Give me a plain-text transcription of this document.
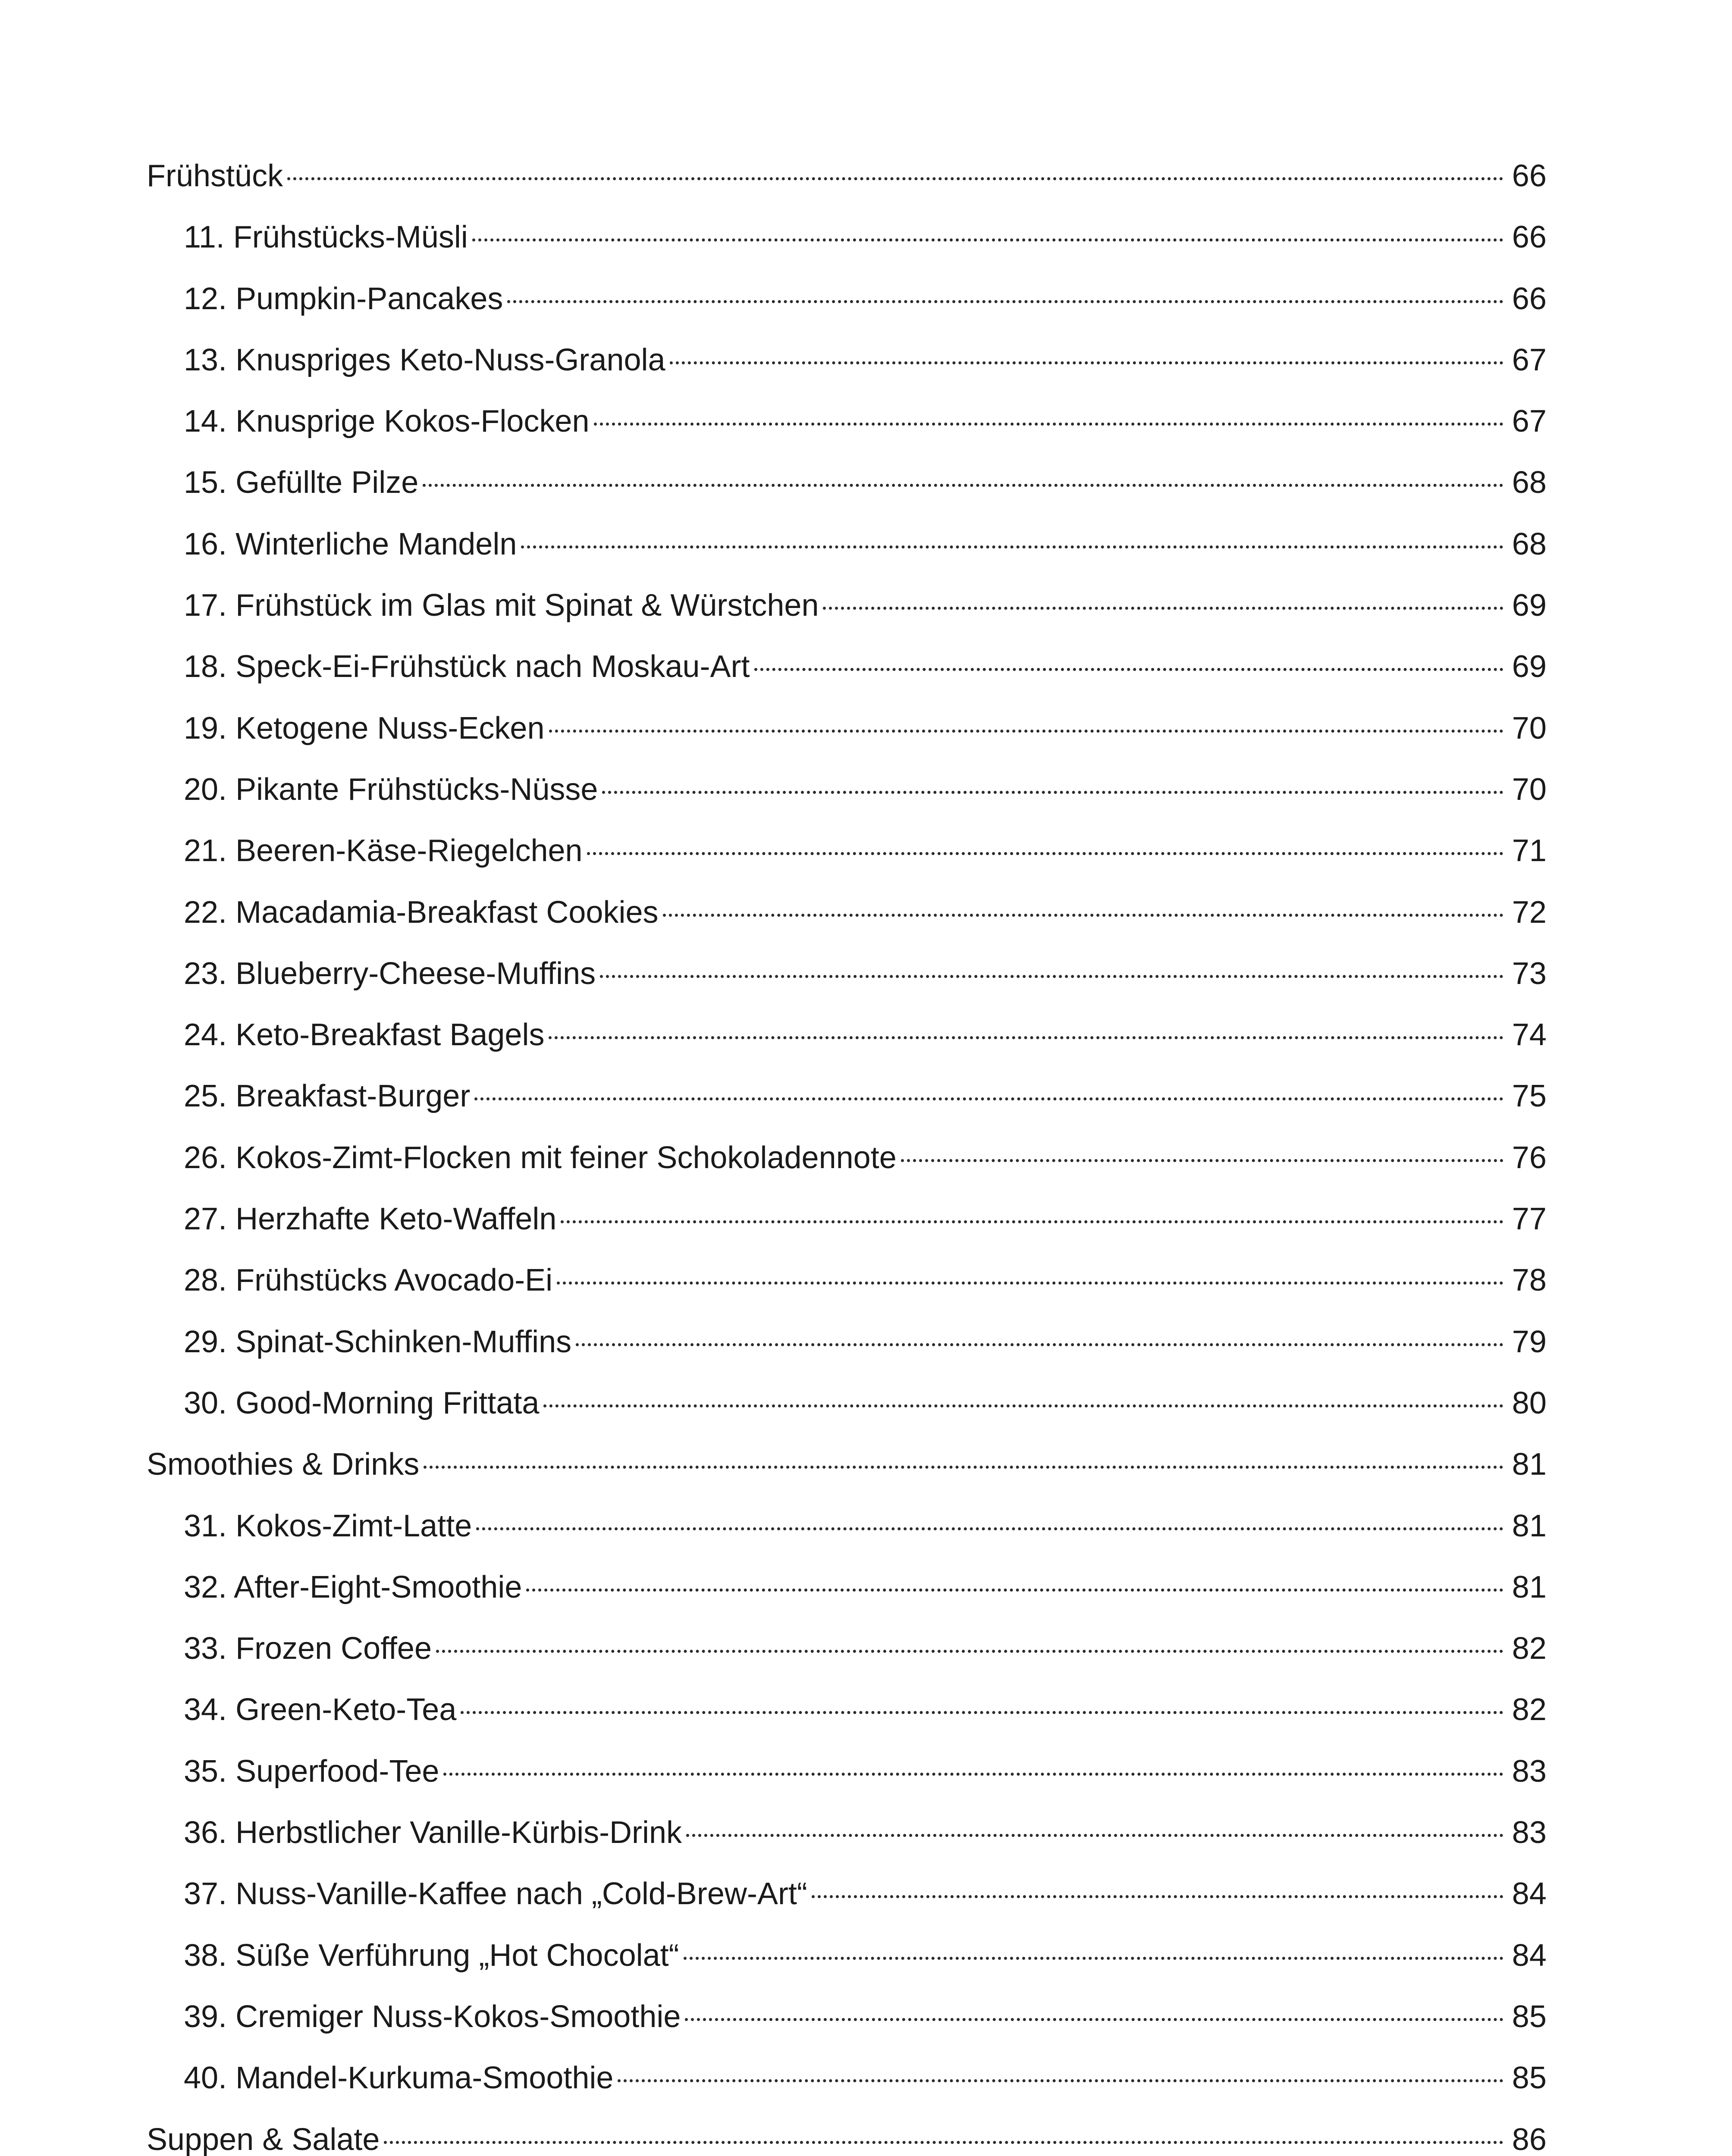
Frühstück	66
11. Frühstücks-Müsli	66
12. Pumpkin-Pancakes	66
13. Knuspriges Keto-Nuss-Granola	67
14. Knusprige Kokos-Flocken	67
15. Gefüllte Pilze	68
16. Winterliche Mandeln	68
17. Frühstück im Glas mit Spinat & Würstchen	69
18. Speck-Ei-Frühstück nach Moskau-Art	69
19. Ketogene Nuss-Ecken	70
20. Pikante Frühstücks-Nüsse	70
21. Beeren-Käse-Riegelchen	71
22. Macadamia-Breakfast Cookies	72
23. Blueberry-Cheese-Muffins	73
24. Keto-Breakfast Bagels	74
25. Breakfast-Burger	75
26. Kokos-Zimt-Flocken mit feiner Schokoladennote	76
27. Herzhafte Keto-Waffeln	77
28. Frühstücks Avocado-Ei	78
29. Spinat-Schinken-Muffins	79
30. Good-Morning Frittata	80
Smoothies & Drinks	81
31. Kokos-Zimt-Latte	81
32. After-Eight-Smoothie	81
33. Frozen Coffee	82
34. Green-Keto-Tea	82
35. Superfood-Tee	83
36. Herbstlicher Vanille-Kürbis-Drink	83
37. Nuss-Vanille-Kaffee nach „Cold-Brew-Art“	84
38. Süße Verführung „Hot Chocolat“	84
39. Cremiger Nuss-Kokos-Smoothie	85
40. Mandel-Kurkuma-Smoothie	85
Suppen & Salate	86
